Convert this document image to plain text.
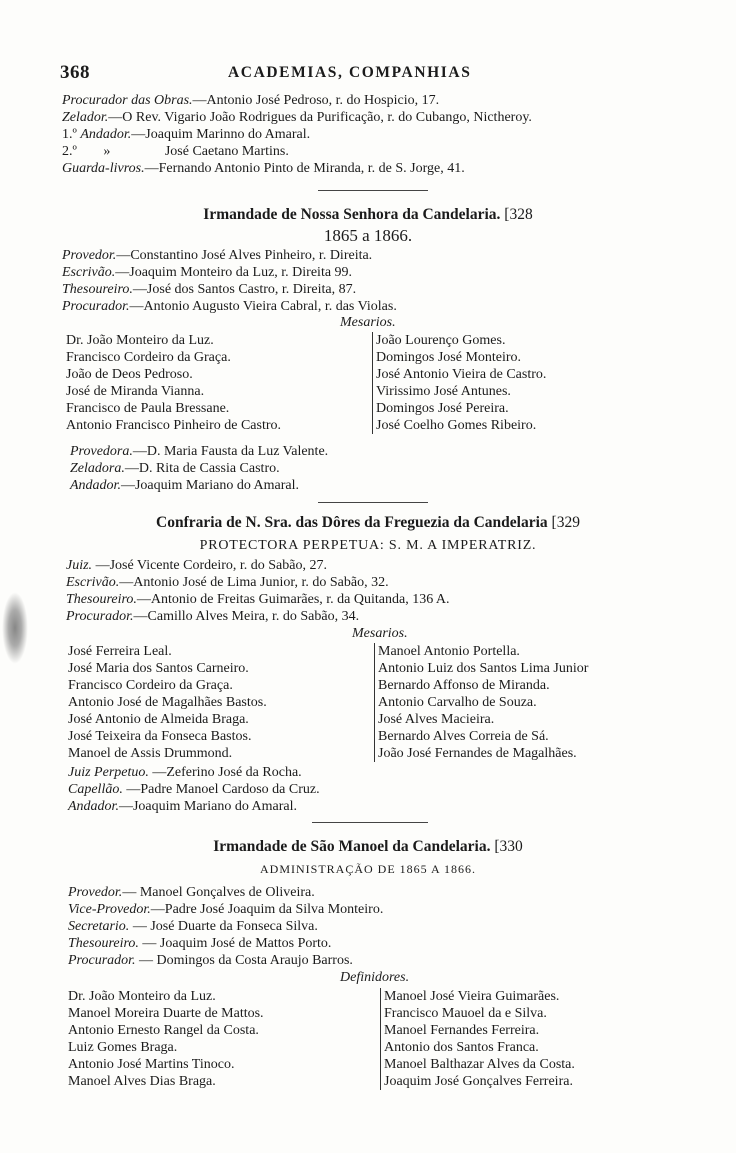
368	ACADEMIAS, COMPANHIAS
Procurador das Obras.—Antonio José Pedroso, r. do Hospicio, 17.
Zelador.—O Rev. Vigario João Rodrigues da Purificação, r. do Cubango, Nictheroy.
1.º Andador.—Joaquim Marinno do Amaral.
2.º »	José Caetano Martins.
Guarda-livros.—Fernando Antonio Pinto de Miranda, r. de S. Jorge, 41.
Irmandade de Nossa Senhora da Candelaria. [328
1865 a 1866.
Provedor.—Constantino José Alves Pinheiro, r. Direita.
Escrivão.—Joaquim Monteiro da Luz, r. Direita 99.
Thesoureiro.—José dos Santos Castro, r. Direita, 87.
Procurador.—Antonio Augusto Vieira Cabral, r. das Violas.
Mesarios.
Dr. João Monteiro da Luz.
Francisco Cordeiro da Graça.
João de Deos Pedroso.
José de Miranda Vianna.
Francisco de Paula Bressane.
Antonio Francisco Pinheiro de Castro.
João Lourenço Gomes.
Domingos José Monteiro.
José Antonio Vieira de Castro.
Virissimo José Antunes.
Domingos José Pereira.
José Coelho Gomes Ribeiro.
Provedora.—D. Maria Fausta da Luz Valente.
Zeladora.—D. Rita de Cassia Castro.
Andador.—Joaquim Mariano do Amaral.
Confraria de N. Sra. das Dôres da Freguezia da Candelaria [329
PROTECTORA PERPETUA: S. M. A IMPERATRIZ.
Juiz. —José Vicente Cordeiro, r. do Sabão, 27.
Escrivão.—Antonio José de Lima Junior, r. do Sabão, 32.
Thesoureiro.—Antonio de Freitas Guimarães, r. da Quitanda, 136 A.
Procurador.—Camillo Alves Meira, r. do Sabão, 34.
Mesarios.
José Ferreira Leal.
José Maria dos Santos Carneiro.
Francisco Cordeiro da Graça.
Antonio José de Magalhães Bastos.
José Antonio de Almeida Braga.
José Teixeira da Fonseca Bastos.
Manoel de Assis Drummond.
Manoel Antonio Portella.
Antonio Luiz dos Santos Lima Junior
Bernardo Affonso de Miranda.
Antonio Carvalho de Souza.
José Alves Macieira.
Bernardo Alves Correia de Sá.
João José Fernandes de Magalhães.
Juiz Perpetuo. —Zeferino José da Rocha.
Capellão. —Padre Manoel Cardoso da Cruz.
Andador.—Joaquim Mariano do Amaral.
Irmandade de São Manoel da Candelaria. [330
ADMINISTRAÇÃO DE 1865 A 1866.
Provedor.— Manoel Gonçalves de Oliveira.
Vice-Provedor.—Padre José Joaquim da Silva Monteiro.
Secretario. — José Duarte da Fonseca Silva.
Thesoureiro. — Joaquim José de Mattos Porto.
Procurador. — Domingos da Costa Araujo Barros.
Definidores.
Dr. João Monteiro da Luz.
Manoel Moreira Duarte de Mattos.
Antonio Ernesto Rangel da Costa.
Luiz Gomes Braga.
Antonio José Martins Tinoco.
Manoel Alves Dias Braga.
Manoel José Vieira Guimarães.
Francisco Mauoel da e Silva.
Manoel Fernandes Ferreira.
Antonio dos Santos Franca.
Manoel Balthazar Alves da Costa.
Joaquim José Gonçalves Ferreira.
